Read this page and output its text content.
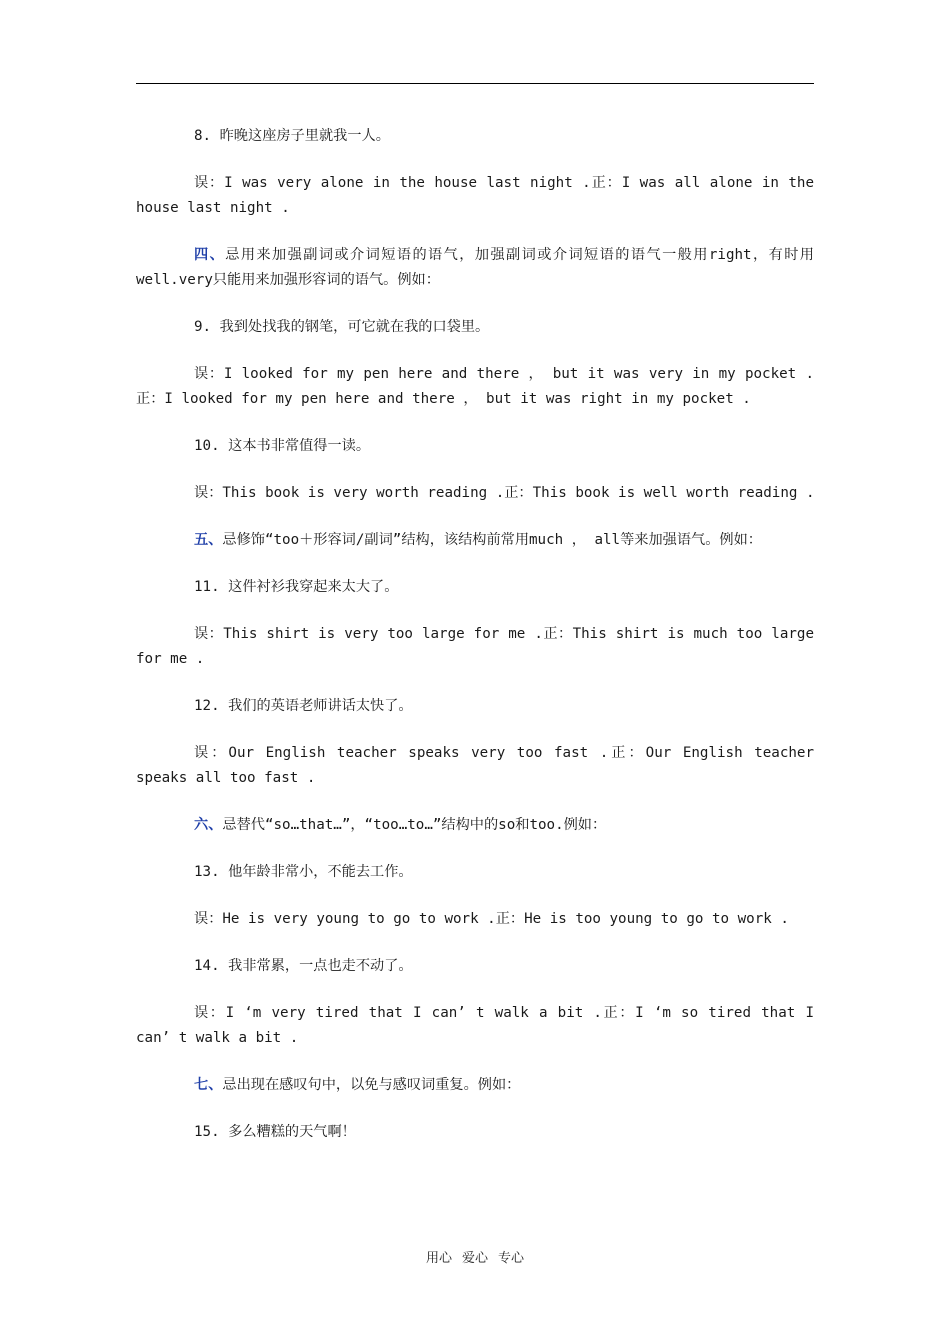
8. 昨晚这座房子里就我一人。

误：I was very alone in the house last night .正：I was all alone in the house last night .

四、忌用来加强副词或介词短语的语气，加强副词或介词短语的语气一般用right，有时用well.very只能用来加强形容词的语气。例如：

9. 我到处找我的钢笔，可它就在我的口袋里。

误：I looked for my pen here and there ， but it was very in my pocket .正：I looked for my pen here and there ， but it was right in my pocket .

10. 这本书非常值得一读。

误：This book is very worth reading .正：This book is well worth reading .

五、忌修饰“too＋形容词/副词”结构，该结构前常用much ， all等来加强语气。例如：

11. 这件衬衫我穿起来太大了。

误：This shirt is very too large for me .正：This shirt is much too large for me .

12. 我们的英语老师讲话太快了。

误：Our English teacher speaks very too fast .正：Our English teacher speaks all too fast .

六、忌替代“so…that…”，“too…to…”结构中的so和too.例如：

13. 他年龄非常小，不能去工作。

误：He is very young to go to work .正：He is too young to go to work .

14. 我非常累，一点也走不动了。

误：I ‘m very tired that I can’ t walk a bit .正：I ‘m so tired that I can’ t walk a bit .

七、忌出现在感叹句中，以免与感叹词重复。例如：

15. 多么糟糕的天气啊！

用心 爱心 专心
